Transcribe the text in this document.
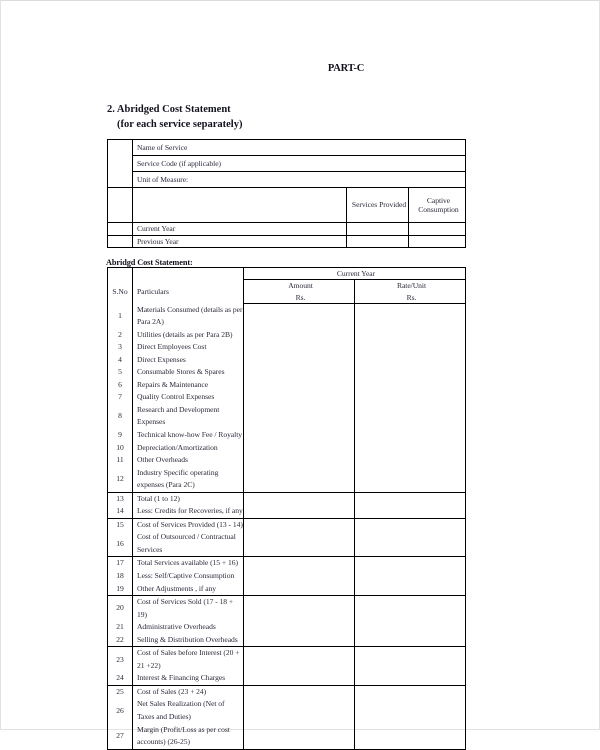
PART-C
2. Abridged Cost Statement
(for each service separately)
	Name of Service
Service Code (if applicable)
Unit of Measure:
		Services Provided	Captive
Consumption
	Current Year		
	Previous Year		
Abridgd Cost Statement:
		Current Year	
S.No	Particulars	Amount	Rate/Unit
		Rs.	Rs.
1	Materials Consumed (details as per Para 2A)		
2	Utilities (details as per Para 2B)		
3	Direct Employees Cost		
4	Direct Expenses		
5	Consumable Stores & Spares		
6	Repairs & Maintenance		
7	Quality Control Expenses		
8	Research and Development Expenses		
9	Technical know-how Fee / Royalty		
10	Depreciation/Amortization		
11	Other Overheads		
12	Industry Specific operating expenses (Para 2C)		
13	Total (1 to 12)		
14	Less: Credits for Recoveries, if any		
15	Cost of Services Provided (13 - 14)		
16	Cost of Outsourced / Contractual Services		
17	Total Services available (15 + 16)		
18	Less: Self/Captive Consumption		
19	Other Adjustments , if any		
20	Cost of Services Sold (17 - 18 + 19)		
21	Administrative Overheads		
22	Selling & Distribution Overheads		
23	Cost of Sales before Interest (20 + 21 +22)		
24	Interest & Financing Charges		
25	Cost of Sales (23 + 24)		
26	Net Sales Realization (Net of Taxes and Duties)		
27	Margin (Profit/Loss as per cost accounts) (26-25)		
